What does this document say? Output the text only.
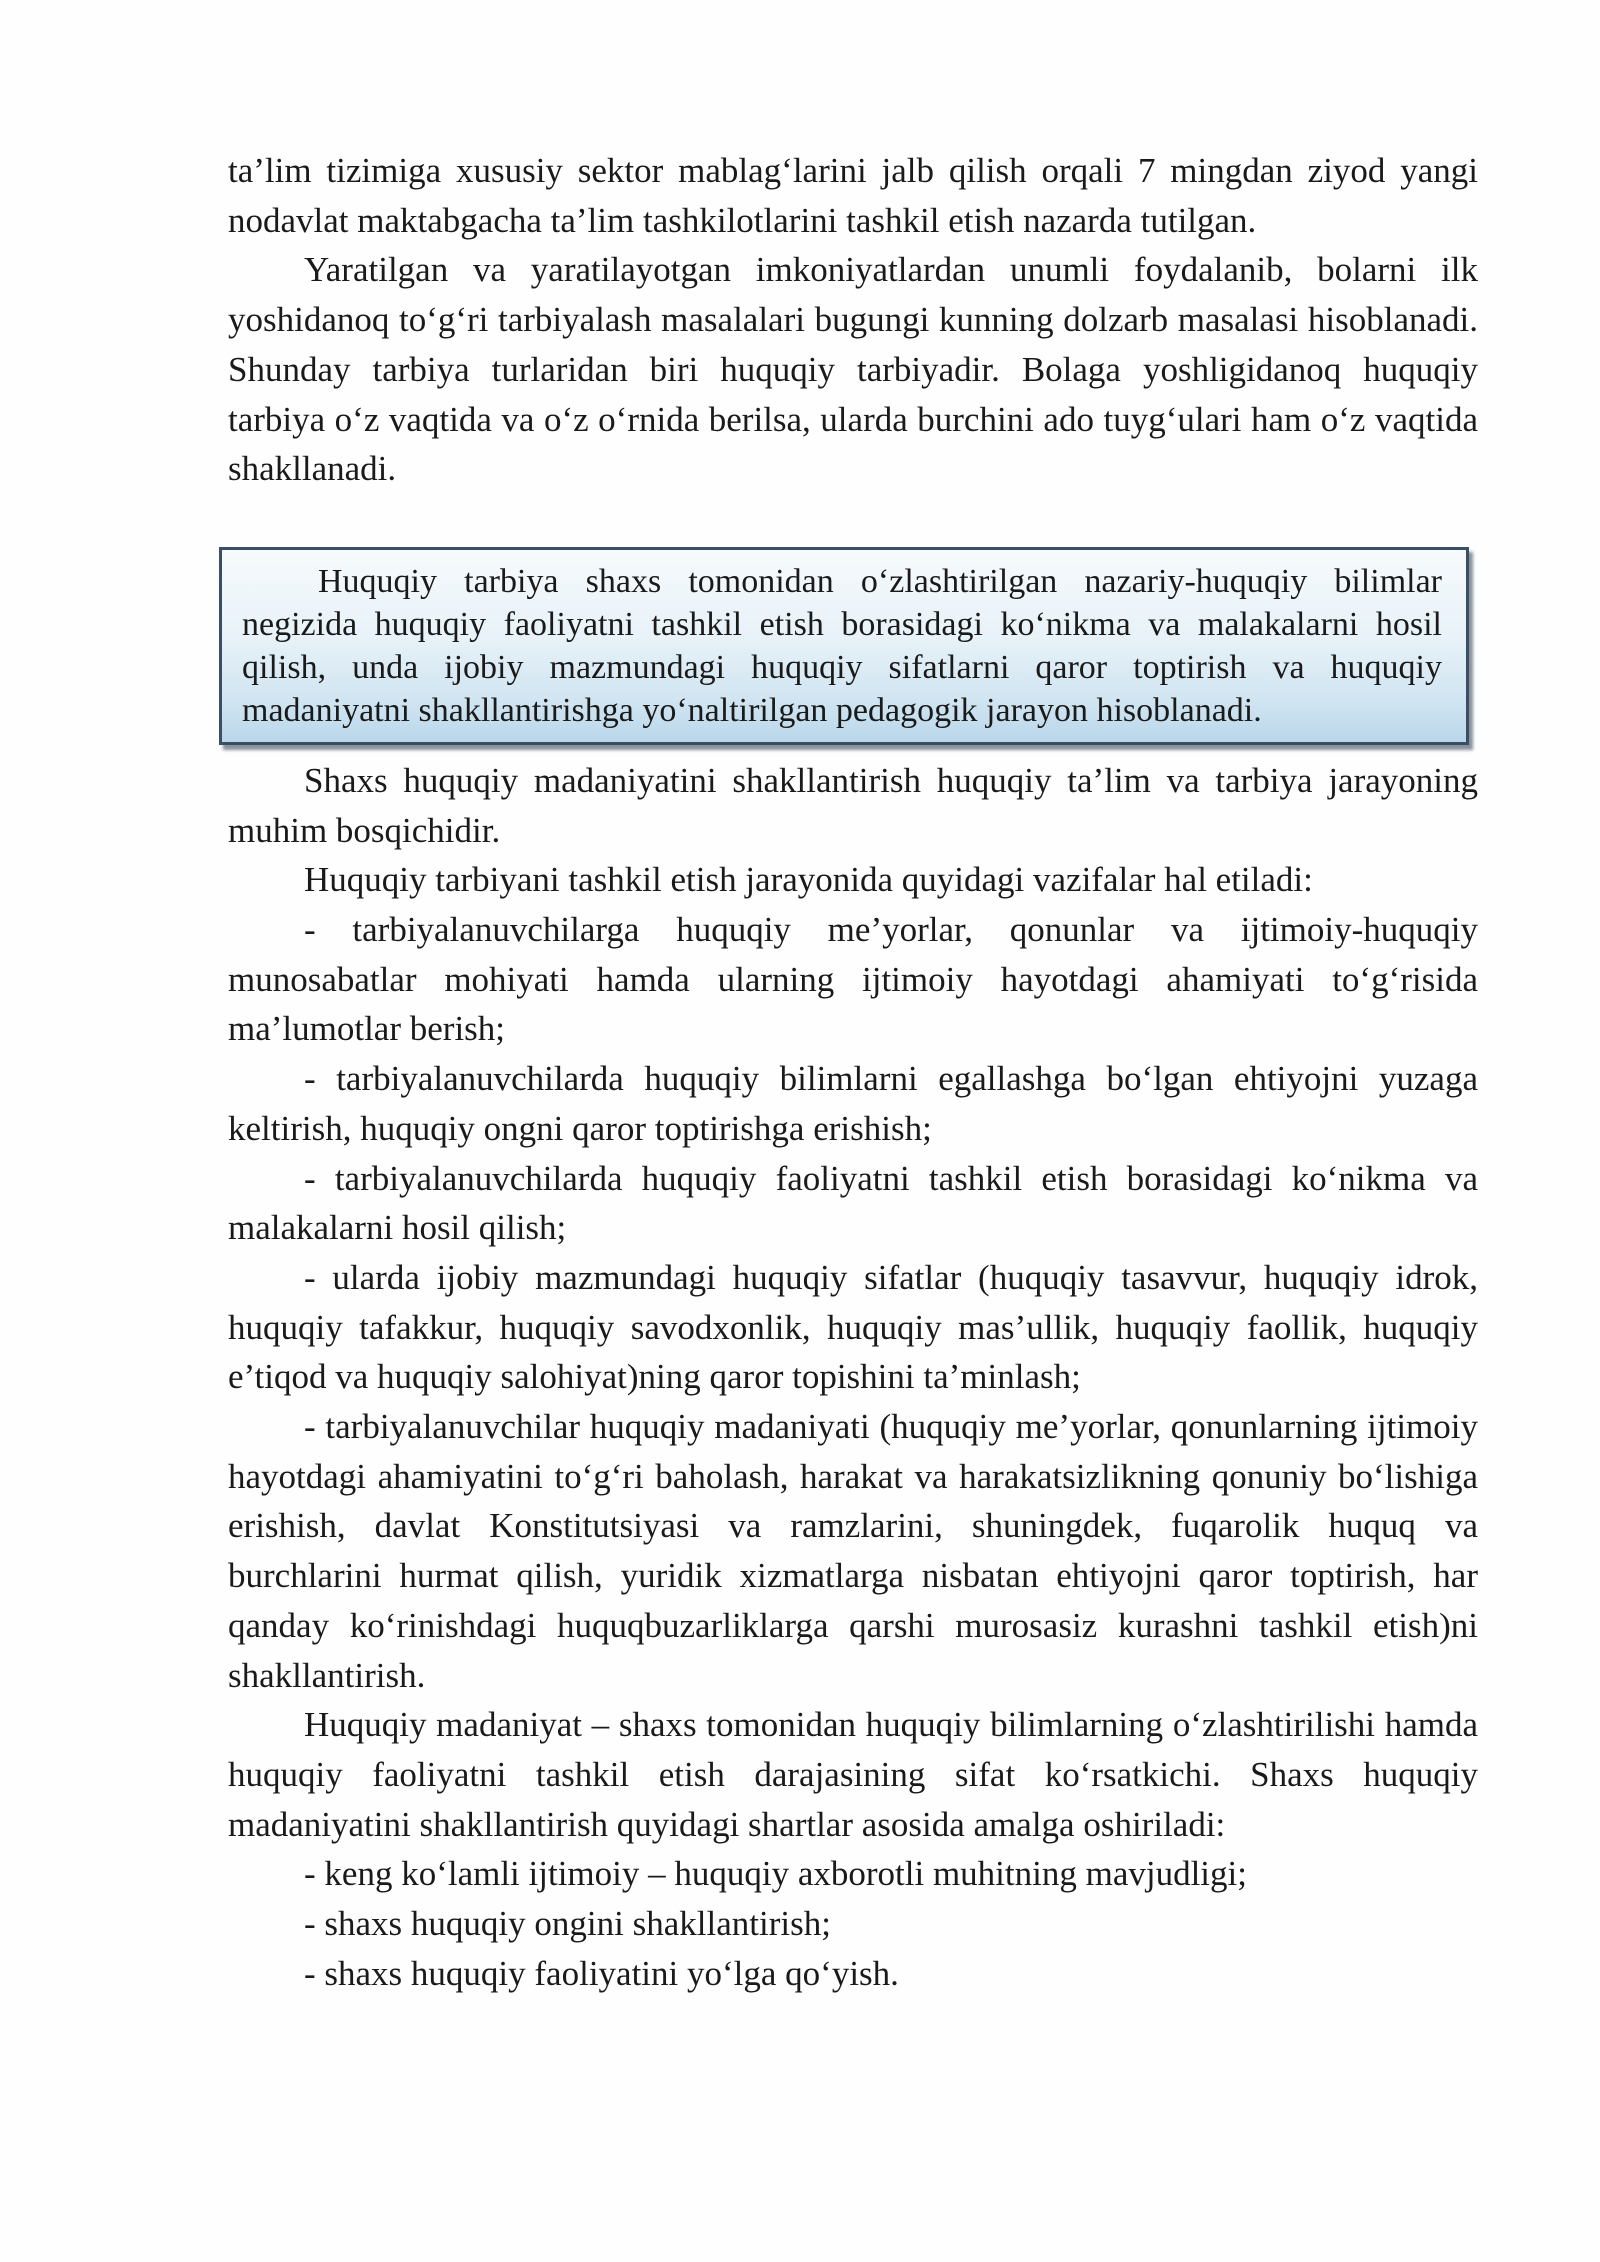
ta’lim tizimiga xususiy sektor mablag‘larini jalb qilish orqali 7 mingdan ziyod yangi nodavlat maktabgacha ta’lim tashkilotlarini tashkil etish nazarda tutilgan.

Yaratilgan va yaratilayotgan imkoniyatlardan unumli foydalanib, bolarni ilk yoshidanoq to‘g‘ri tarbiyalash masalalari bugungi kunning dolzarb masalasi hisoblanadi. Shunday tarbiya turlaridan biri huquqiy tarbiyadir. Bolaga yoshligidanoq huquqiy tarbiya o‘z vaqtida va o‘z o‘rnida berilsa, ularda burchini ado tuyg‘ulari ham o‘z vaqtida shakllanadi.

Huquqiy tarbiya shaxs tomonidan o‘zlashtirilgan nazariy-huquqiy bilimlar negizida huquqiy faoliyatni tashkil etish borasidagi ko‘nikma va malakalarni hosil qilish, unda ijobiy mazmundagi huquqiy sifatlarni qaror toptirish va huquqiy madaniyatni shakllantirishga yo‘naltirilgan pedagogik jarayon hisoblanadi.

Shaxs huquqiy madaniyatini shakllantirish huquqiy ta’lim va tarbiya jarayoning muhim bosqichidir.

Huquqiy tarbiyani tashkil etish jarayonida quyidagi vazifalar hal etiladi:

- tarbiyalanuvchilarga huquqiy me’yorlar, qonunlar va ijtimoiy-huquqiy munosabatlar mohiyati hamda ularning ijtimoiy hayotdagi ahamiyati to‘g‘risida ma’lumotlar berish;

- tarbiyalanuvchilarda huquqiy bilimlarni egallashga bo‘lgan ehtiyojni yuzaga keltirish, huquqiy ongni qaror toptirishga erishish;

- tarbiyalanuvchilarda huquqiy faoliyatni tashkil etish borasidagi ko‘nikma va malakalarni hosil qilish;

- ularda ijobiy mazmundagi huquqiy sifatlar (huquqiy tasavvur, huquqiy idrok, huquqiy tafakkur, huquqiy savodxonlik, huquqiy mas’ullik, huquqiy faollik, huquqiy e’tiqod va huquqiy salohiyat)ning qaror topishini ta’minlash;

- tarbiyalanuvchilar huquqiy madaniyati (huquqiy me’yorlar, qonunlarning ijtimoiy hayotdagi ahamiyatini to‘g‘ri baholash, harakat va harakatsizlikning qonuniy bo‘lishiga erishish, davlat Konstitutsiyasi va ramzlarini, shuningdek, fuqarolik huquq va burchlarini hurmat qilish, yuridik xizmatlarga nisbatan ehtiyojni qaror toptirish, har qanday ko‘rinishdagi huquqbuzarliklarga qarshi murosasiz kurashni tashkil etish)ni shakllantirish.

Huquqiy madaniyat – shaxs tomonidan huquqiy bilimlarning o‘zlashtirilishi hamda huquqiy faoliyatni tashkil etish darajasining sifat ko‘rsatkichi. Shaxs huquqiy madaniyatini shakllantirish quyidagi shartlar asosida amalga oshiriladi:

- keng ko‘lamli ijtimoiy – huquqiy axborotli muhitning mavjudligi;

- shaxs huquqiy ongini shakllantirish;

- shaxs huquqiy faoliyatini yo‘lga qo‘yish.
